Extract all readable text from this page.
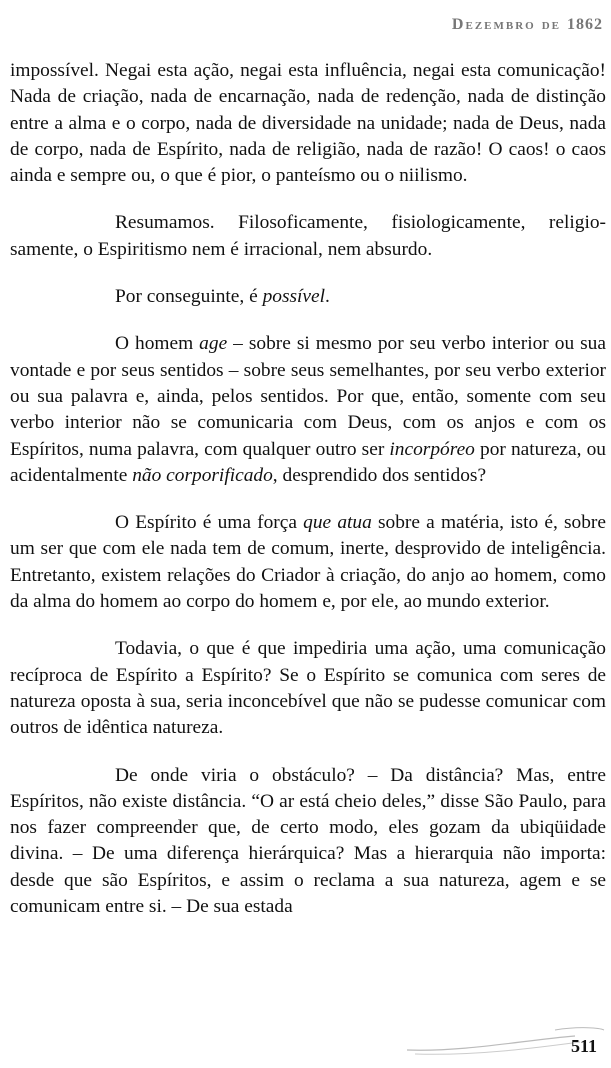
Dezembro de 1862

impossível. Negai esta ação, negai esta influência, negai esta comunicação! Nada de criação, nada de encarnação, nada de redenção, nada de distinção entre a alma e o corpo, nada de diversidade na unidade; nada de Deus, nada de corpo, nada de Espírito, nada de religião, nada de razão! O caos! o caos ainda e sempre ou, o que é pior, o panteísmo ou o niilismo.

Resumamos. Filosoficamente, fisiologicamente, religio-samente, o Espiritismo nem é irracional, nem absurdo.

Por conseguinte, é possível.

O homem age – sobre si mesmo por seu verbo interior ou sua vontade e por seus sentidos – sobre seus semelhantes, por seu verbo exterior ou sua palavra e, ainda, pelos sentidos. Por que, então, somente com seu verbo interior não se comunicaria com Deus, com os anjos e com os Espíritos, numa palavra, com qualquer outro ser incorpóreo por natureza, ou acidentalmente não corporificado, desprendido dos sentidos?

O Espírito é uma força que atua sobre a matéria, isto é, sobre um ser que com ele nada tem de comum, inerte, desprovido de inteligência. Entretanto, existem relações do Criador à criação, do anjo ao homem, como da alma do homem ao corpo do homem e, por ele, ao mundo exterior.

Todavia, o que é que impediria uma ação, uma comunicação recíproca de Espírito a Espírito? Se o Espírito se comunica com seres de natureza oposta à sua, seria inconcebível que não se pudesse comunicar com outros de idêntica natureza.

De onde viria o obstáculo? – Da distância? Mas, entre Espíritos, não existe distância. “O ar está cheio deles,” disse São Paulo, para nos fazer compreender que, de certo modo, eles gozam da ubiqüidade divina. – De uma diferença hierárquica? Mas a hierarquia não importa: desde que são Espíritos, e assim o reclama a sua natureza, agem e se comunicam entre si. – De sua estada

511
